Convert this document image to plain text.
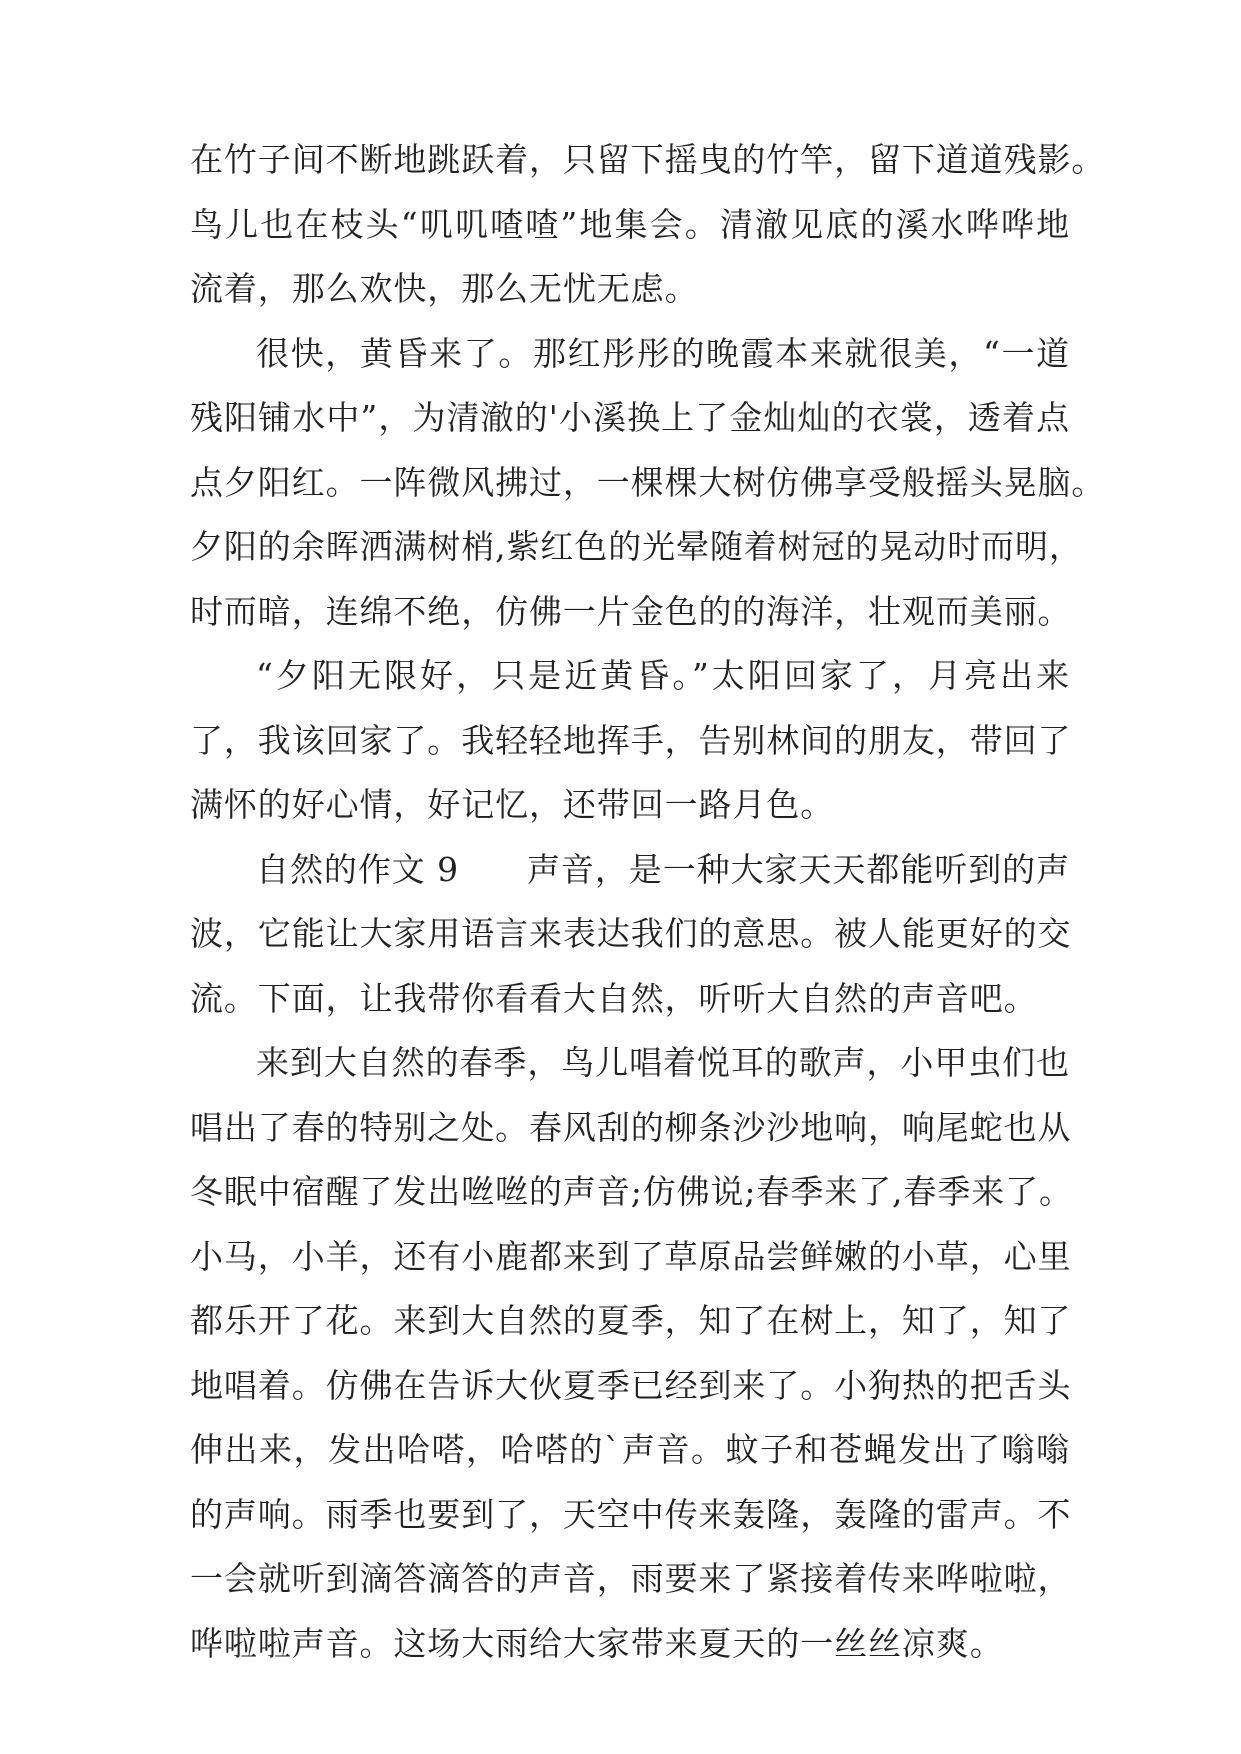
在竹子间不断地跳跃着，只留下摇曳的竹竿，留下道道残影。
鸟儿也在枝头“叽叽喳喳”地集会。清澈见底的溪水哗哗地
流着，那么欢快，那么无忧无虑。
很快，黄昏来了。那红彤彤的晚霞本来就很美，“一道
残阳铺水中”，为清澈的'小溪换上了金灿灿的衣裳，透着点
点夕阳红。一阵微风拂过，一棵棵大树仿佛享受般摇头晃脑。
夕阳的余晖洒满树梢,紫红色的光晕随着树冠的晃动时而明，
时而暗，连绵不绝，仿佛一片金色的的海洋，壮观而美丽。
“夕阳无限好，只是近黄昏。”太阳回家了，月亮出来
了，我该回家了。我轻轻地挥手，告别林间的朋友，带回了
满怀的好心情，好记忆，还带回一路月色。
自然的作文 9　　声音，是一种大家天天都能听到的声
波，它能让大家用语言来表达我们的意思。被人能更好的交
流。下面，让我带你看看大自然，听听大自然的声音吧。
来到大自然的春季，鸟儿唱着悦耳的歌声，小甲虫们也
唱出了春的特别之处。春风刮的柳条沙沙地响，响尾蛇也从
冬眠中宿醒了发出咝咝的声音;仿佛说;春季来了,春季来了。
小马，小羊，还有小鹿都来到了草原品尝鲜嫩的小草，心里
都乐开了花。来到大自然的夏季，知了在树上，知了，知了
地唱着。仿佛在告诉大伙夏季已经到来了。小狗热的把舌头
伸出来，发出哈嗒，哈嗒的`声音。蚊子和苍蝇发出了嗡嗡
的声响。雨季也要到了，天空中传来轰隆，轰隆的雷声。不
一会就听到滴答滴答的声音，雨要来了紧接着传来哗啦啦，
哗啦啦声音。这场大雨给大家带来夏天的一丝丝凉爽。
